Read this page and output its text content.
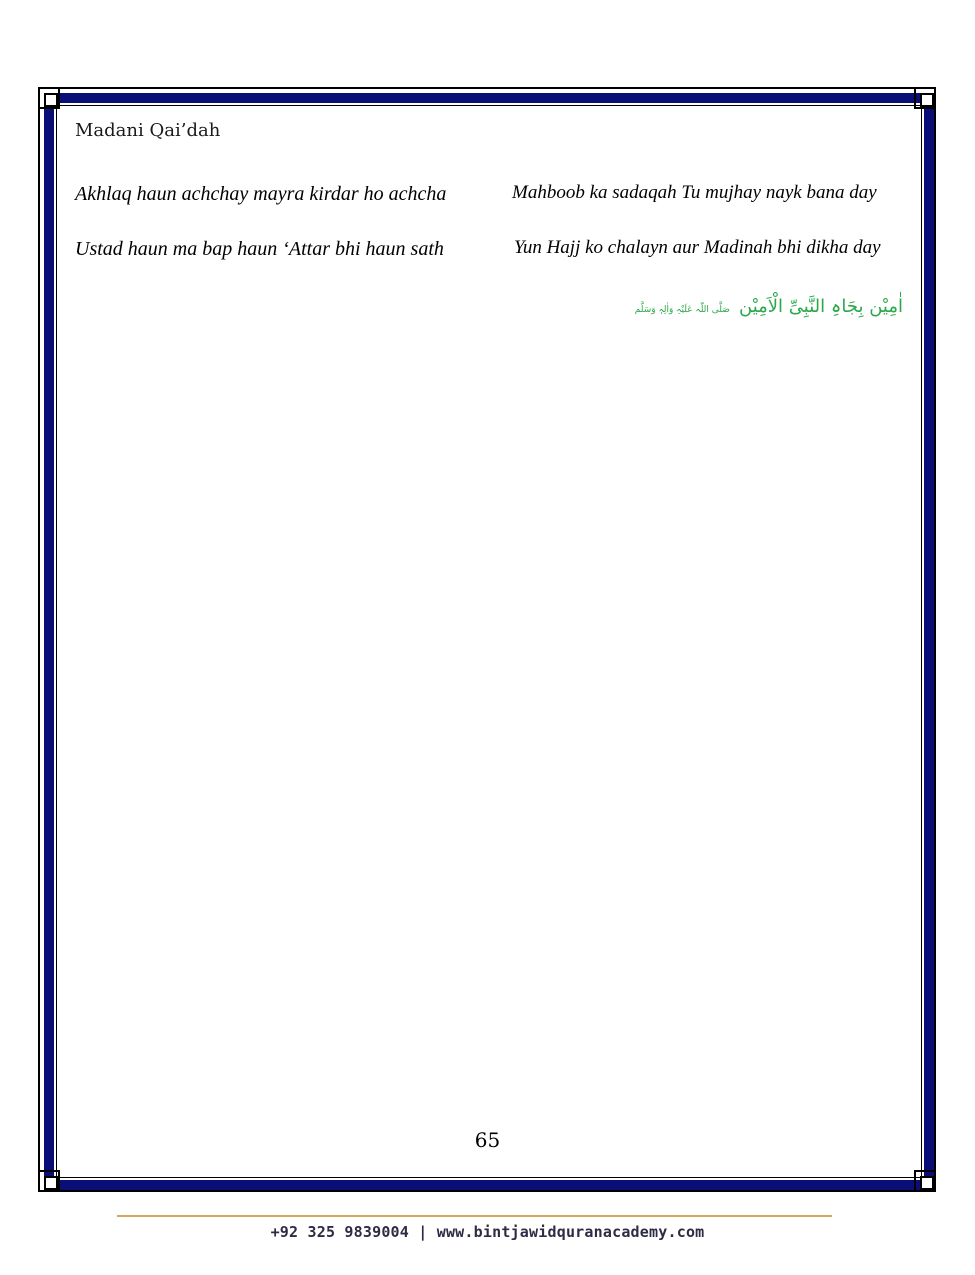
Madani Qai’dah
Akhlaq haun achchay mayra kirdar ho achcha	Mahboob ka sadaqah Tu mujhay nayk bana day
Ustad haun ma bap haun ‘Attar bhi haun sath	Yun Hajj ko chalayn aur Madinah bhi dikha day
اٰمِیْن بِجَاہِ النَّبِیِّ الْاَمِیْن صَلَّی اللّٰہ عَلَیْہِ وَاٰلِہٖ وَسَلَّم
65
+92 325 9839004 | www.bintjawidquranacademy.com
